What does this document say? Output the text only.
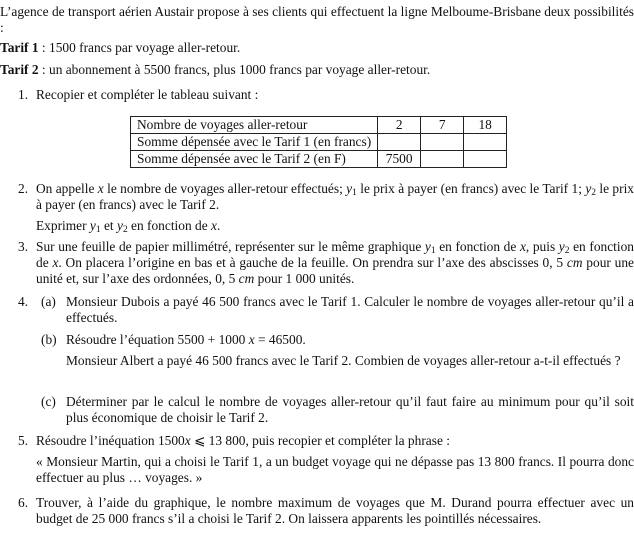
L’agence de transport aérien Austair propose à ses clients qui effectuent la ligne Melboume-Brisbane deux possibilités :
Tarif 1 : 1500 francs par voyage aller-retour.
Tarif 2 : un abonnement à 5500 francs, plus 1000 francs par voyage aller-retour.
1. Recopier et compléter le tableau suivant :
Nombre de voyages aller-retour	2	7	18
Somme dépensée avec le Tarif 1 (en francs)			
Somme dépensée avec le Tarif 2 (en F)	7500		
2. On appelle x le nombre de voyages aller-retour effectués; $y_1$ le prix à payer (en francs) avec le Tarif 1; $y_2$ le prix à payer (en francs) avec le Tarif 2.
Exprimer $y_1$ et $y_2$ en fonction de x.
3. Sur une feuille de papier millimétré, représenter sur le même graphique $y_1$ en fonction de x, puis $y_2$ en fonction de x. On placera l’origine en bas et à gauche de la feuille. On prendra sur l’axe des abscisses 0, 5 cm pour une unité et, sur l’axe des ordonnées, 0, 5 cm pour 1 000 unités.
4. (a) Monsieur Dubois a payé 46 500 francs avec le Tarif 1. Calculer le nombre de voyages aller-retour qu’il a effectués.
(b) Résoudre l’équation 5500 + 1000 x = 46500.
Monsieur Albert a payé 46 500 francs avec le Tarif 2. Combien de voyages aller-retour a-t-il effectués ?
(c) Déterminer par le calcul le nombre de voyages aller-retour qu’il faut faire au minimum pour qu’il soit plus économique de choisir le Tarif 2.
5. Résoudre l’inéquation 1500x ⩽ 13 800, puis recopier et compléter la phrase :
« Monsieur Martin, qui a choisi le Tarif 1, a un budget voyage qui ne dépasse pas 13 800 francs. Il pourra donc effectuer au plus … voyages. »
6. Trouver, à l’aide du graphique, le nombre maximum de voyages que M. Durand pourra effectuer avec un budget de 25 000 francs s’il a choisi le Tarif 2. On laissera apparents les pointillés nécessaires.
